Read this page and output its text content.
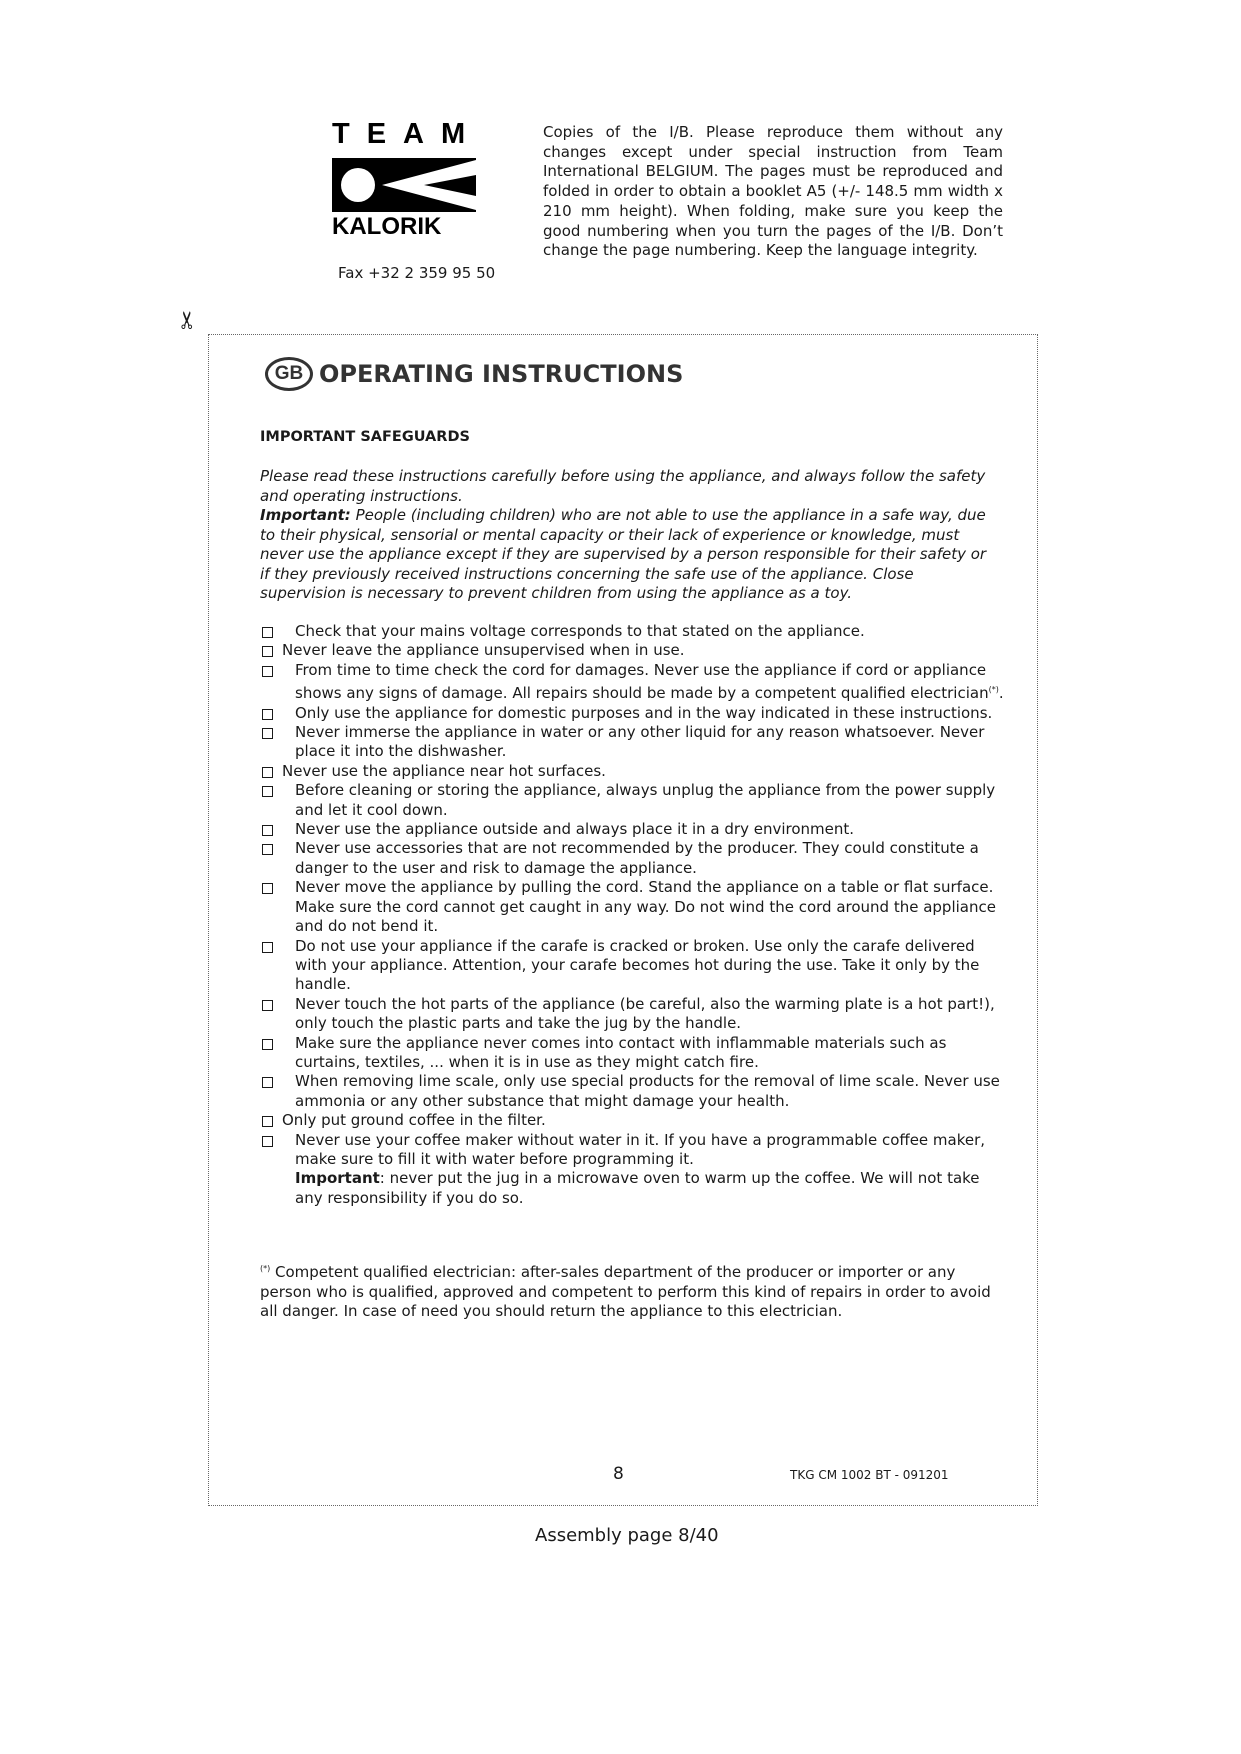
TEAM
KALORIK
Fax +32 2 359 95 50
Copies of the I/B. Please reproduce them without any changes except under special instruction from Team International BELGIUM. The pages must be reproduced and folded in order to obtain a booklet A5 (+/- 148.5 mm width x 210 mm height). When folding, make sure you keep the good numbering when you turn the pages of the I/B. Don’t change the page numbering. Keep the language integrity.
✂
GB OPERATING INSTRUCTIONS
IMPORTANT SAFEGUARDS

Please read these instructions carefully before using the appliance, and always follow the safety and operating instructions.

Important: People (including children) who are not able to use the appliance in a safe way, due to their physical, sensorial or mental capacity or their lack of experience or knowledge, must never use the appliance except if they are supervised by a person responsible for their safety or if they previously received instructions concerning the safe use of the appliance. Close supervision is necessary to prevent children from using the appliance as a toy.

Check that your mains voltage corresponds to that stated on the appliance.
Never leave the appliance unsupervised when in use.
From time to time check the cord for damages. Never use the appliance if cord or appliance shows any signs of damage. All repairs should be made by a competent qualified electrician(*).
Only use the appliance for domestic purposes and in the way indicated in these instructions.
Never immerse the appliance in water or any other liquid for any reason whatsoever. Never place it into the dishwasher.
Never use the appliance near hot surfaces.
Before cleaning or storing the appliance, always unplug the appliance from the power supply and let it cool down.
Never use the appliance outside and always place it in a dry environment.
Never use accessories that are not recommended by the producer. They could constitute a danger to the user and risk to damage the appliance.
Never move the appliance by pulling the cord. Stand the appliance on a table or flat surface. Make sure the cord cannot get caught in any way. Do not wind the cord around the appliance and do not bend it.
Do not use your appliance if the carafe is cracked or broken. Use only the carafe delivered with your appliance. Attention, your carafe becomes hot during the use. Take it only by the handle.
Never touch the hot parts of the appliance (be careful, also the warming plate is a hot part!), only touch the plastic parts and take the jug by the handle.
Make sure the appliance never comes into contact with inflammable materials such as curtains, textiles, ... when it is in use as they might catch fire.
When removing lime scale, only use special products for the removal of lime scale. Never use ammonia or any other substance that might damage your health.
Only put ground coffee in the filter.
Never use your coffee maker without water in it. If you have a programmable coffee maker, make sure to fill it with water before programming it.
Important: never put the jug in a microwave oven to warm up the coffee. We will not take any responsibility if you do so.
(*) Competent qualified electrician: after-sales department of the producer or importer or any person who is qualified, approved and competent to perform this kind of repairs in order to avoid all danger. In case of need you should return the appliance to this electrician.
8	TKG CM 1002 BT - 091201
Assembly page 8/40
